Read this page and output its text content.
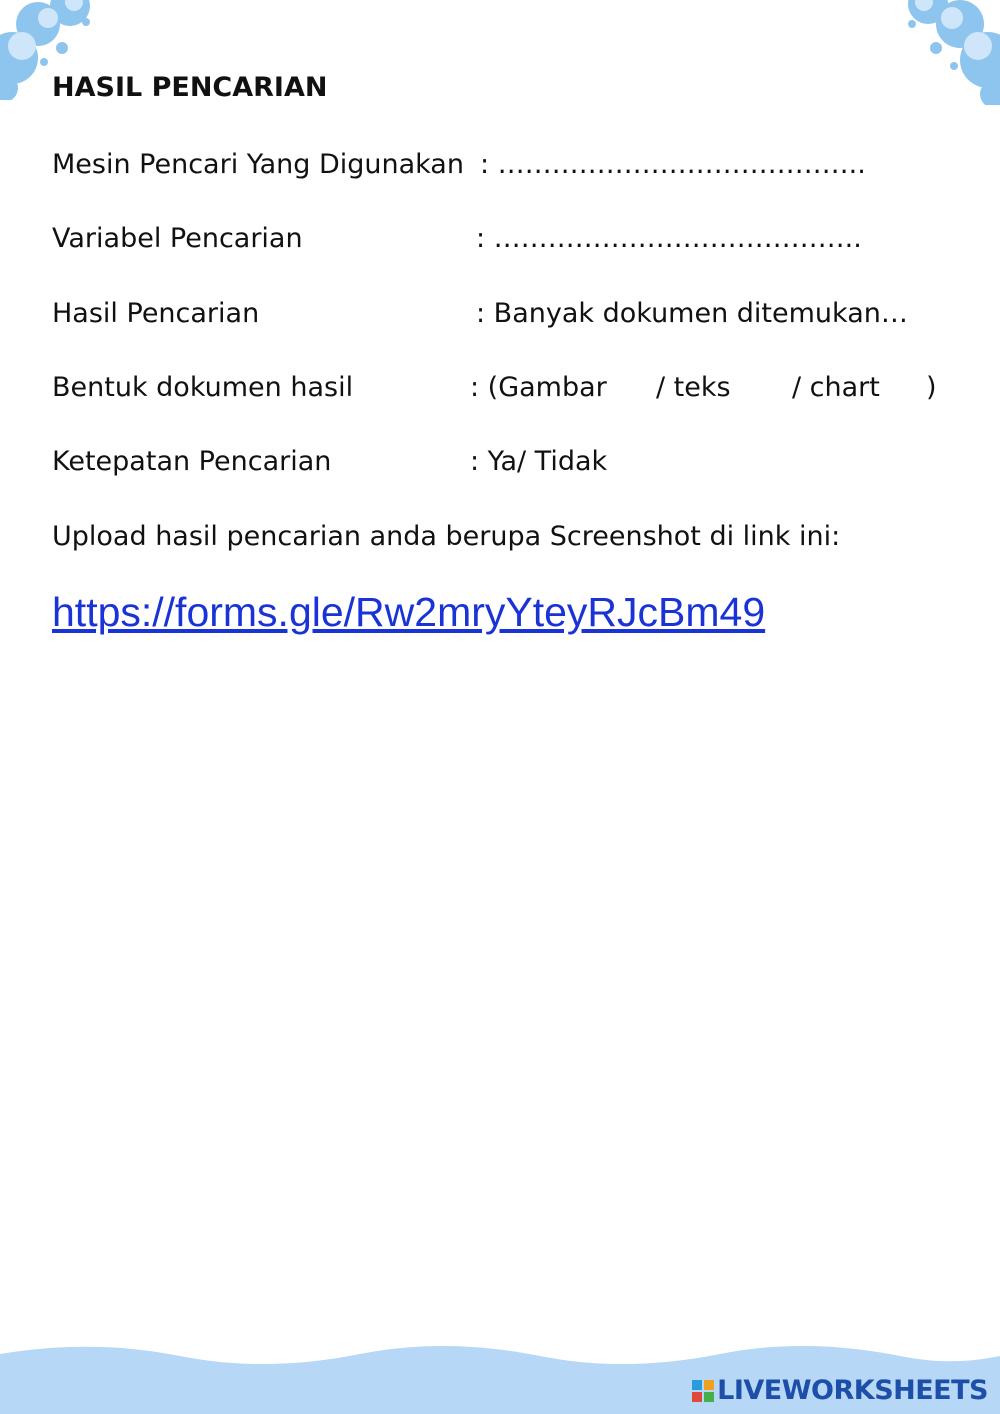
HASIL PENCARIAN
Mesin Pencari Yang Digunakan : …………………………………..
Variabel Pencarian	: …………………………………..
Hasil Pencarian	: Banyak dokumen ditemukan…
Bentuk dokumen hasil	: (Gambar / teks / chart )
Ketepatan Pencarian	: Ya/ Tidak
Upload hasil pencarian anda berupa Screenshot di link ini:
https://forms.gle/Rw2mryYteyRJcBm49
LIVEWORKSHEETS
